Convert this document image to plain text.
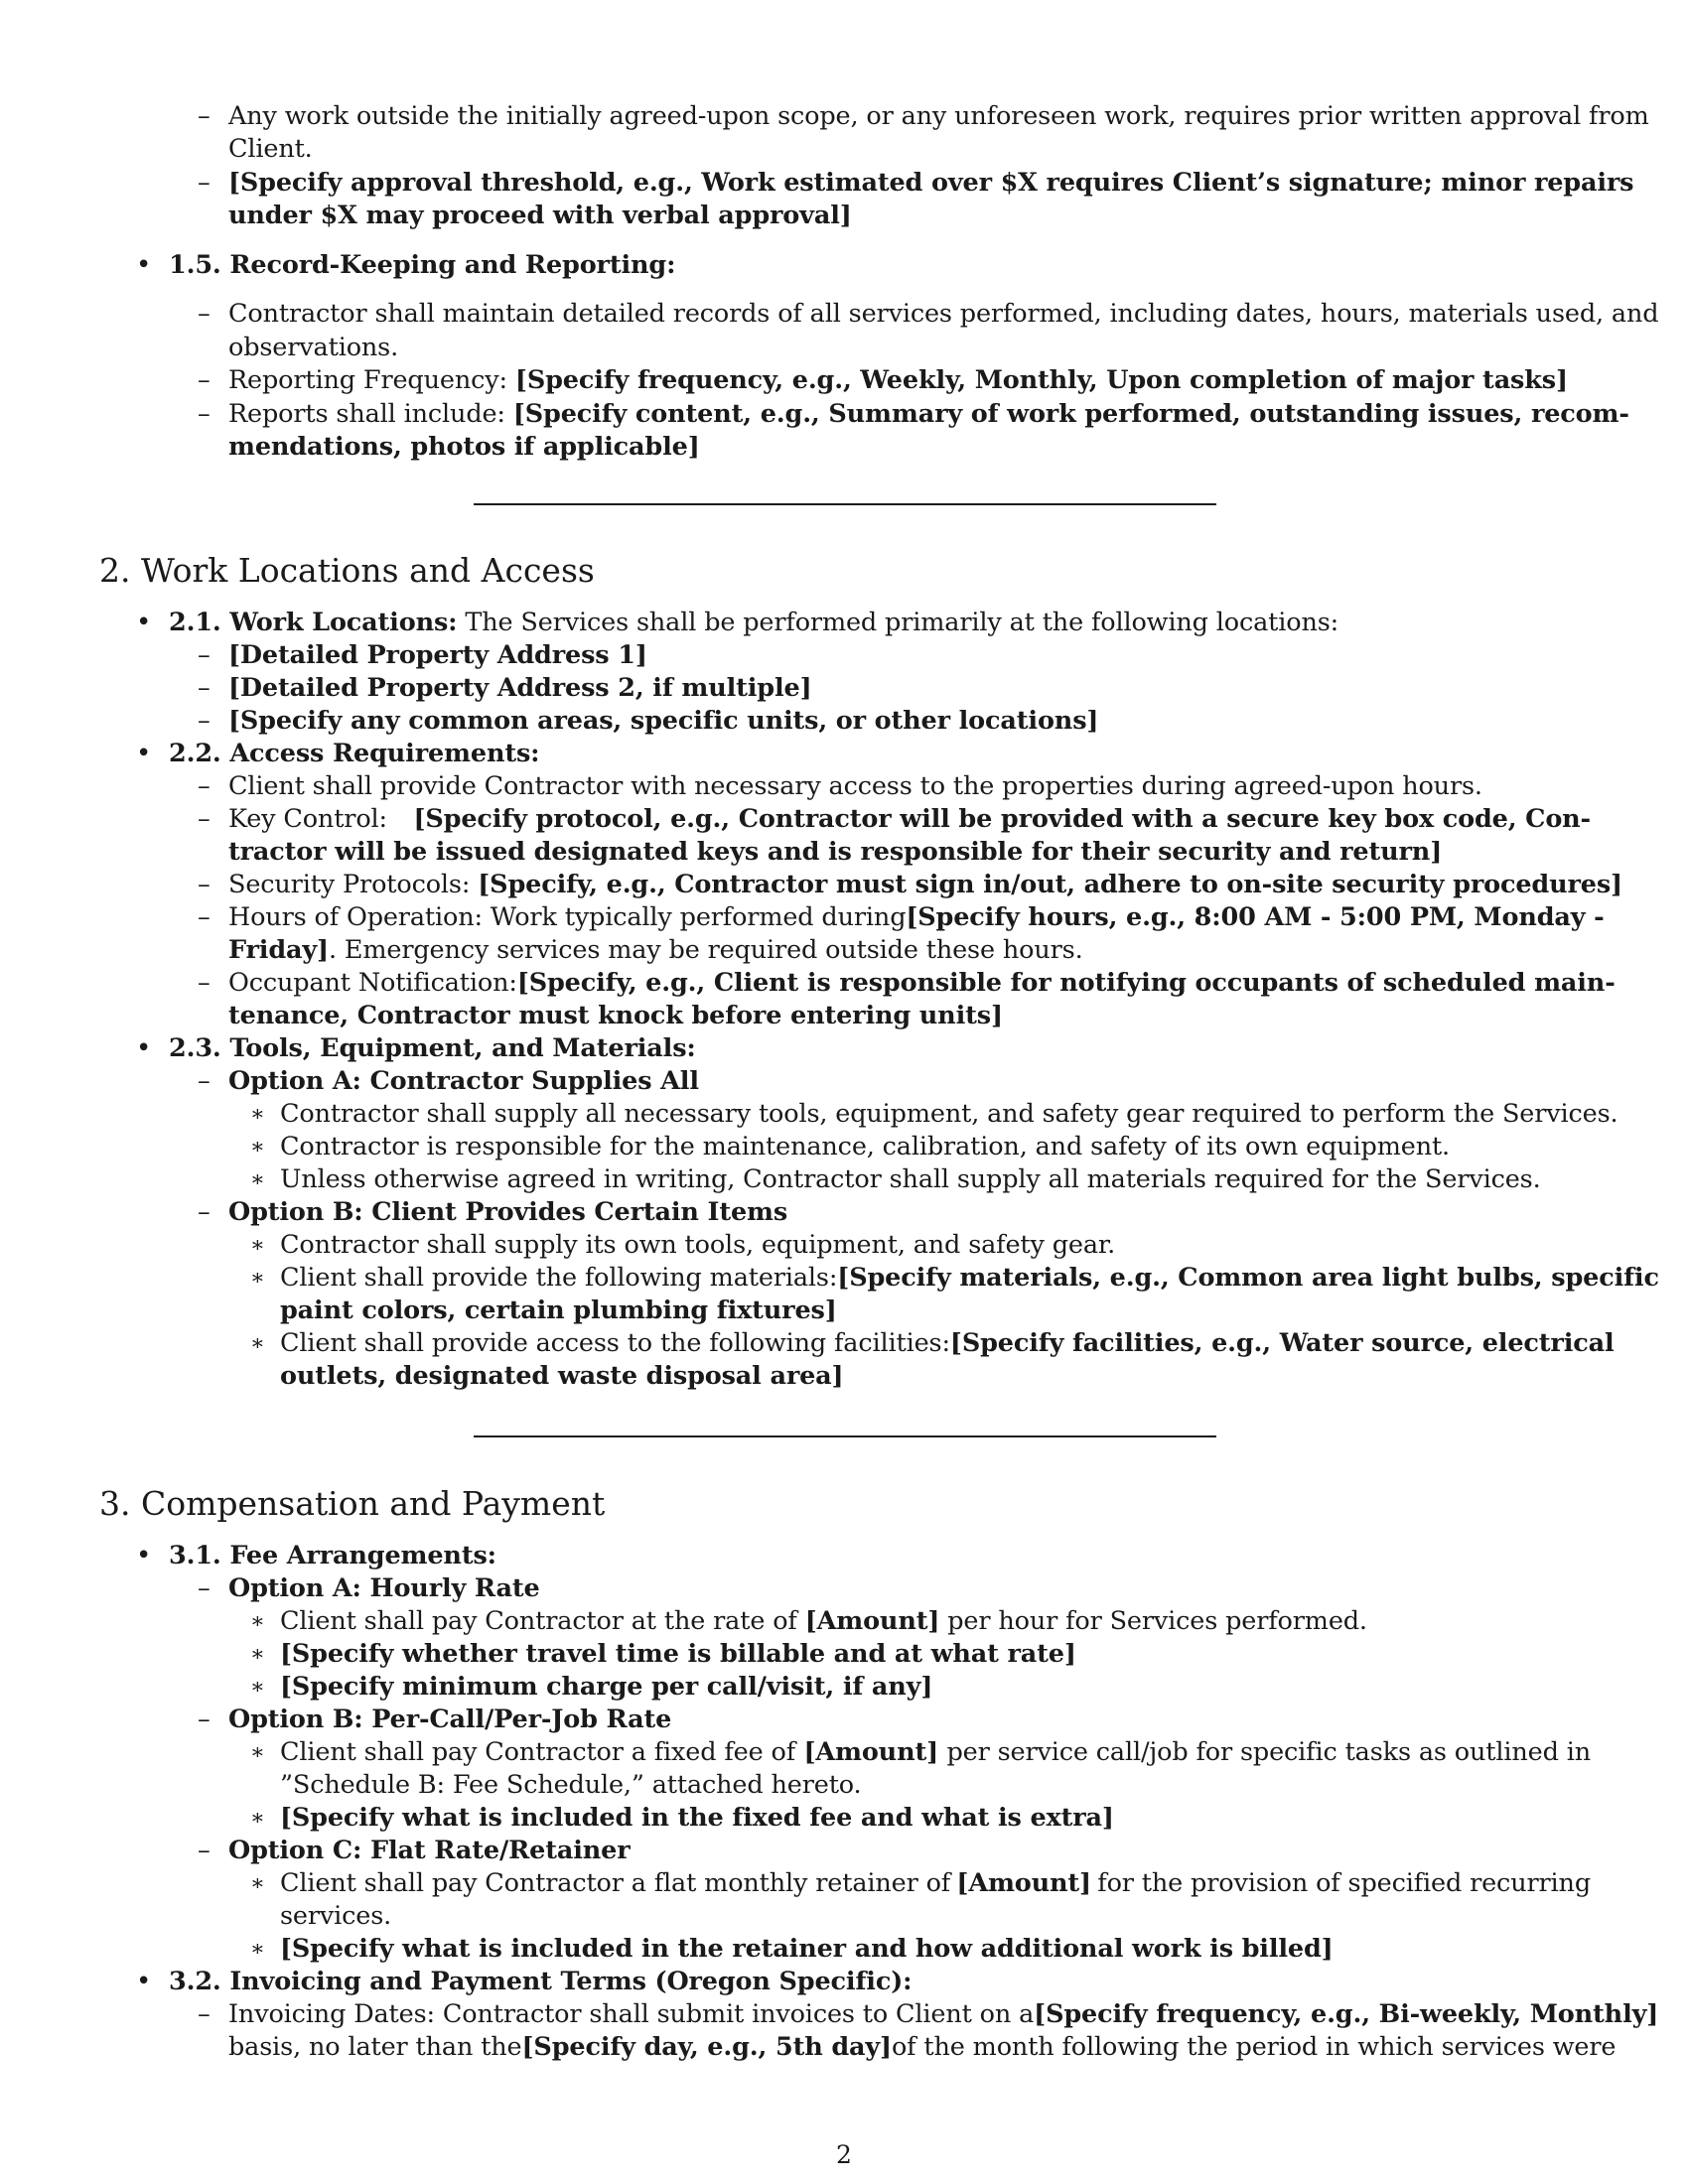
– Any work outside the initially agreed-upon scope, or any unforeseen work, requires prior written approval from
Client.
– [Specify approval threshold, e.g., Work estimated over $X requires Client’s signature; minor repairs
under $X may proceed with verbal approval]
• 1.5. Record-Keeping and Reporting:
– Contractor shall maintain detailed records of all services performed, including dates, hours, materials used, and
observations.
– Reporting Frequency: [Specify frequency, e.g., Weekly, Monthly, Upon completion of major tasks]
– Reports shall include: [Specify content, e.g., Summary of work performed, outstanding issues, recom-
mendations, photos if applicable]
2. Work Locations and Access
• 2.1. Work Locations: The Services shall be performed primarily at the following locations:
– [Detailed Property Address 1]
– [Detailed Property Address 2, if multiple]
– [Specify any common areas, specific units, or other locations]
• 2.2. Access Requirements:
– Client shall provide Contractor with necessary access to the properties during agreed-upon hours.
– Key Control: [Specify protocol, e.g., Contractor will be provided with a secure key box code, Con-
tractor will be issued designated keys and is responsible for their security and return]
– Security Protocols: [Specify, e.g., Contractor must sign in/out, adhere to on-site security procedures]
– Hours of Operation: Work typically performed during [Specify hours, e.g., 8:00 AM - 5:00 PM, Monday -
Friday]. Emergency services may be required outside these hours.
– Occupant Notification: [Specify, e.g., Client is responsible for notifying occupants of scheduled main-
tenance, Contractor must knock before entering units]
• 2.3. Tools, Equipment, and Materials:
– Option A: Contractor Supplies All
∗ Contractor shall supply all necessary tools, equipment, and safety gear required to perform the Services.
∗ Contractor is responsible for the maintenance, calibration, and safety of its own equipment.
∗ Unless otherwise agreed in writing, Contractor shall supply all materials required for the Services.
– Option B: Client Provides Certain Items
∗ Contractor shall supply its own tools, equipment, and safety gear.
∗ Client shall provide the following materials: [Specify materials, e.g., Common area light bulbs, specific
paint colors, certain plumbing fixtures]
∗ Client shall provide access to the following facilities: [Specify facilities, e.g., Water source, electrical
outlets, designated waste disposal area]
3. Compensation and Payment
• 3.1. Fee Arrangements:
– Option A: Hourly Rate
∗ Client shall pay Contractor at the rate of [Amount] per hour for Services performed.
∗ [Specify whether travel time is billable and at what rate]
∗ [Specify minimum charge per call/visit, if any]
– Option B: Per-Call/Per-Job Rate
∗ Client shall pay Contractor a fixed fee of [Amount] per service call/job for specific tasks as outlined in
”Schedule B: Fee Schedule,” attached hereto.
∗ [Specify what is included in the fixed fee and what is extra]
– Option C: Flat Rate/Retainer
∗ Client shall pay Contractor a flat monthly retainer of [Amount] for the provision of specified recurring
services.
∗ [Specify what is included in the retainer and how additional work is billed]
• 3.2. Invoicing and Payment Terms (Oregon Specific):
– Invoicing Dates: Contractor shall submit invoices to Client on a [Specify frequency, e.g., Bi-weekly, Monthly]
basis, no later than the [Specify day, e.g., 5th day] of the month following the period in which services were
2
